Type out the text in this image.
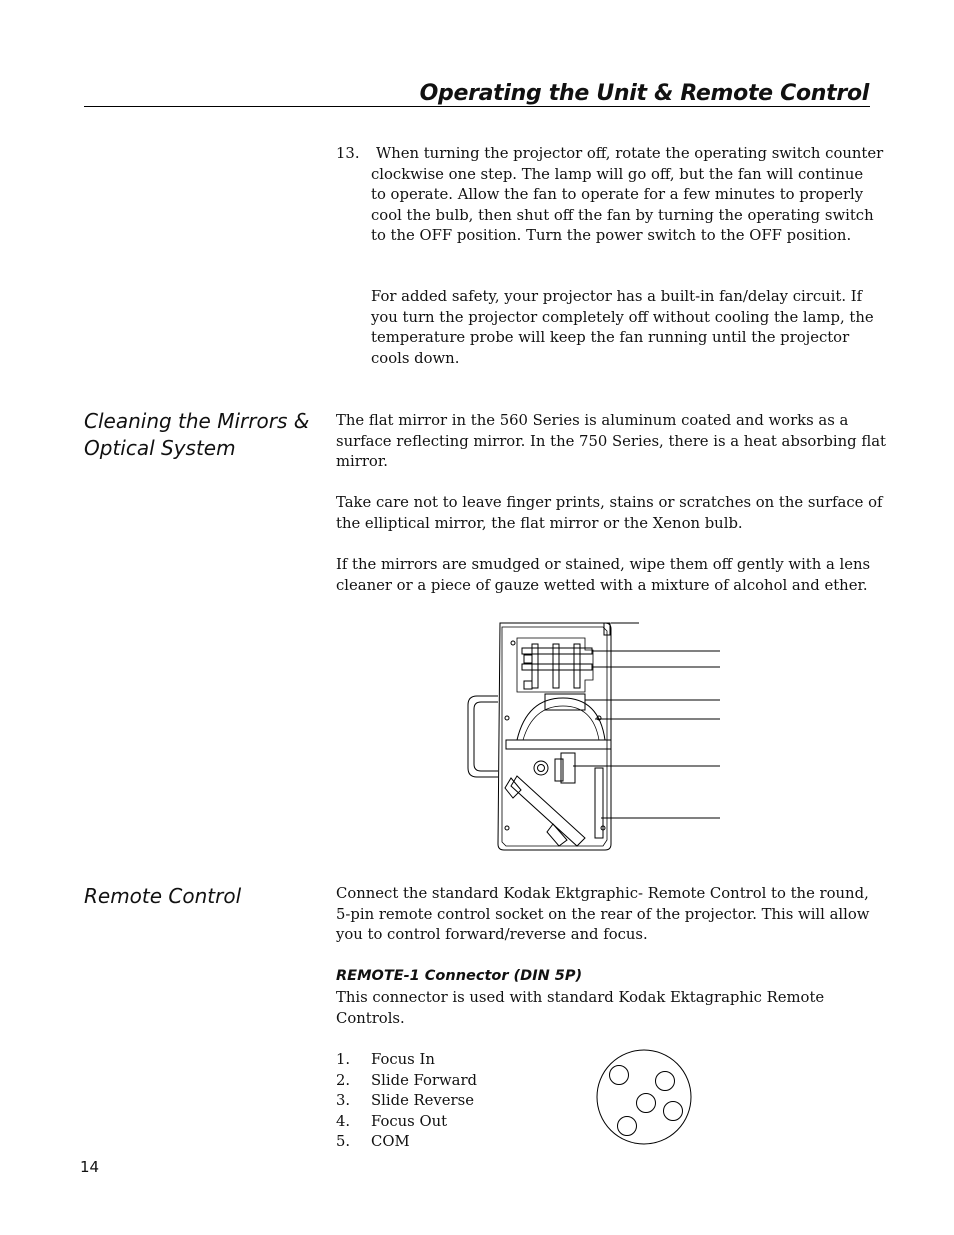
Operating the Unit & Remote Control
13. When turning the projector off, rotate the operating switch counter
clockwise one step. The lamp will go off, but the fan will continue
to operate. Allow the fan to operate for a few minutes to properly
cool the bulb, then shut off the fan by turning the operating switch
to the OFF position. Turn the power switch to the OFF position.
For added safety, your projector has a built-in fan/delay circuit. If
you turn the projector completely off without cooling the lamp, the
temperature probe will keep the fan running until the projector
cools down.
Cleaning the Mirrors &
Optical System
The flat mirror in the 560 Series is aluminum coated and works as a
surface reflecting mirror. In the 750 Series, there is a heat absorbing flat
mirror.
Take care not to leave finger prints, stains or scratches on the surface of
the elliptical mirror, the flat mirror or the Xenon bulb.
If the mirrors are smudged or stained, wipe them off gently with a lens
cleaner or a piece of gauze wetted with a mixture of alcohol and ether.
Remote Control	Connect the standard Kodak Ektgraphic- Remote Control to the round,
5-pin remote control socket on the rear of the projector. This will allow
you to control forward/reverse and focus.
REMOTE-1 Connector (DIN 5P)
This connector is used with standard Kodak Ektagraphic Remote
Controls.
1. Focus In
2. Slide Forward
3. Slide Reverse
4. Focus Out
5. COM
14
